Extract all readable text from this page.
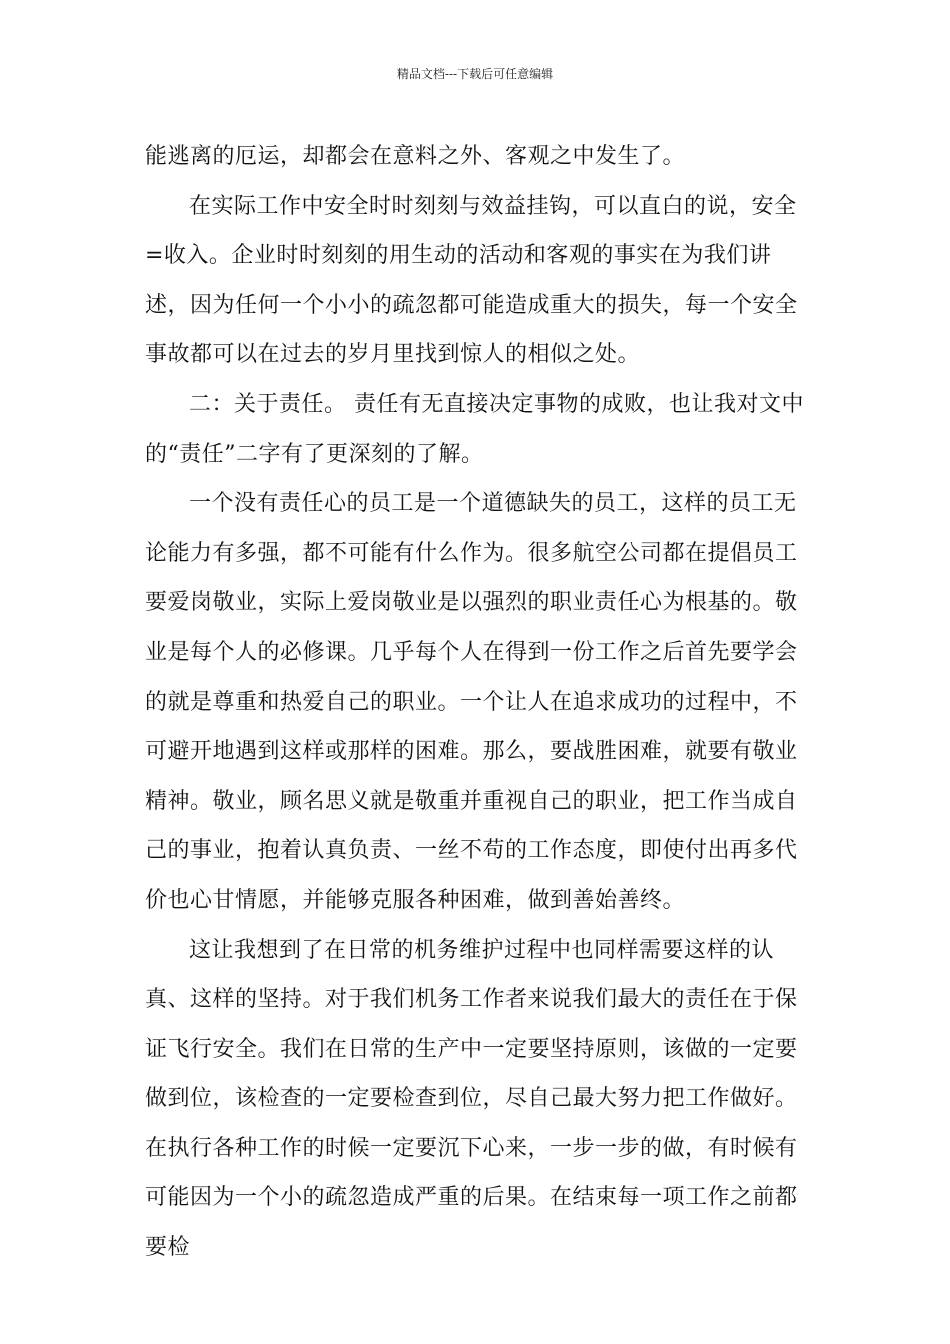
精品文档---下载后可任意编辑

能逃离的厄运，却都会在意料之外、客观之中发生了。

在实际工作中安全时时刻刻与效益挂钩，可以直白的说，安全=收入。企业时时刻刻的用生动的活动和客观的事实在为我们讲述，因为任何一个小小的疏忽都可能造成重大的损失，每一个安全事故都可以在过去的岁月里找到惊人的相似之处。

二：关于责任。 责任有无直接决定事物的成败，也让我对文中的“责任”二字有了更深刻的了解。

一个没有责任心的员工是一个道德缺失的员工，这样的员工无论能力有多强，都不可能有什么作为。很多航空公司都在提倡员工要爱岗敬业，实际上爱岗敬业是以强烈的职业责任心为根基的。敬业是每个人的必修课。几乎每个人在得到一份工作之后首先要学会的就是尊重和热爱自己的职业。一个让人在追求成功的过程中，不可避开地遇到这样或那样的困难。那么，要战胜困难，就要有敬业精神。敬业，顾名思义就是敬重并重视自己的职业，把工作当成自己的事业，抱着认真负责、一丝不苟的工作态度，即使付出再多代价也心甘情愿，并能够克服各种困难，做到善始善终。

这让我想到了在日常的机务维护过程中也同样需要这样的认真、这样的坚持。对于我们机务工作者来说我们最大的责任在于保证飞行安全。我们在日常的生产中一定要坚持原则，该做的一定要做到位，该检查的一定要检查到位，尽自己最大努力把工作做好。在执行各种工作的时候一定要沉下心来，一步一步的做，有时候有可能因为一个小的疏忽造成严重的后果。在结束每一项工作之前都要检
